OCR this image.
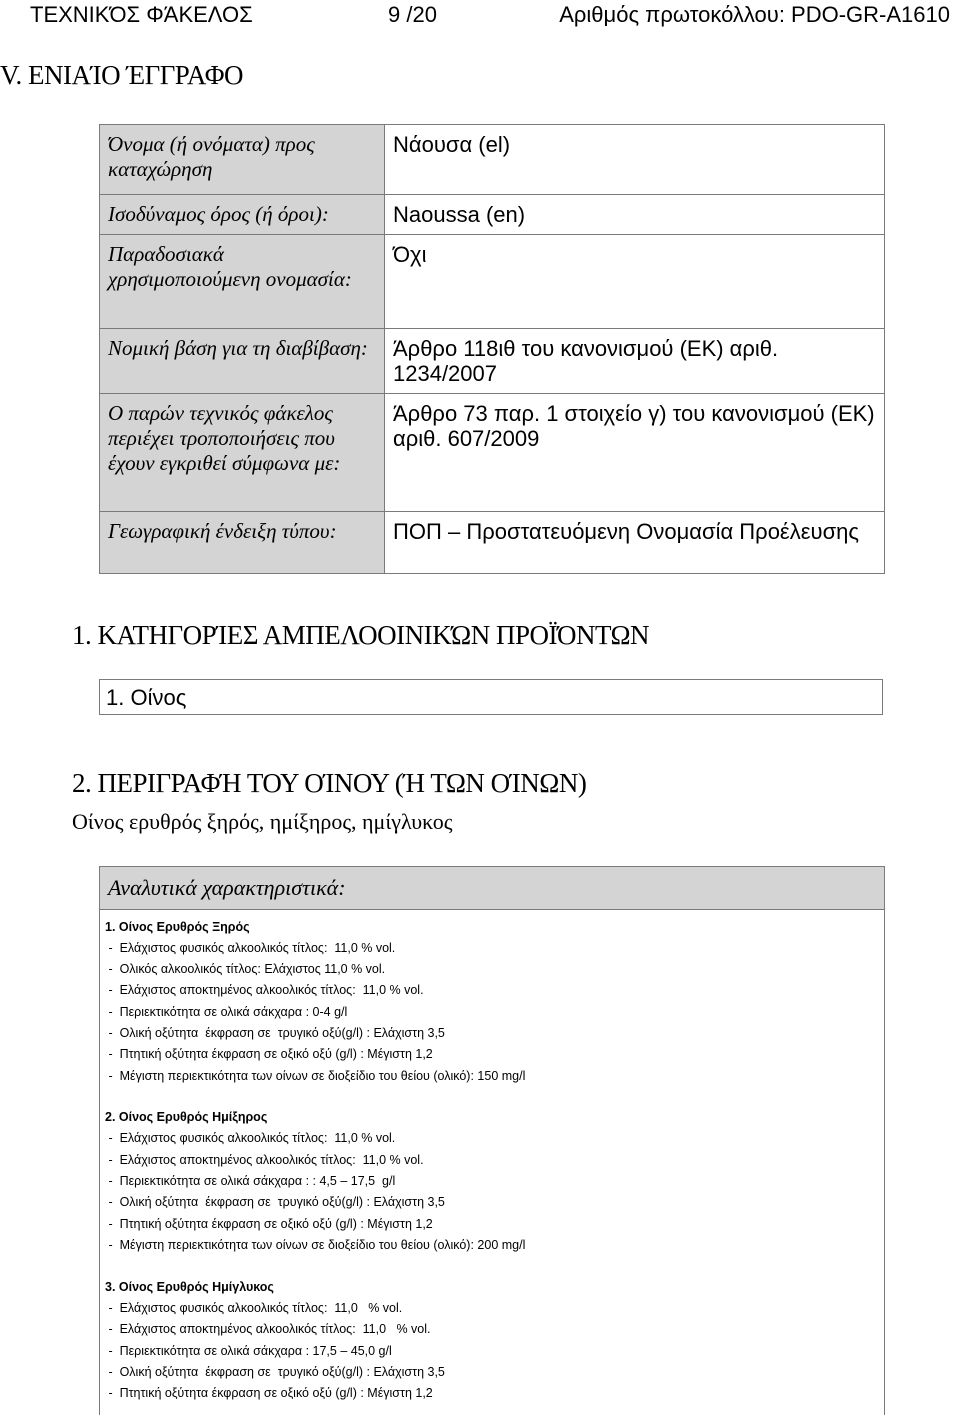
ΤΕΧΝΙΚΌΣ ΦΆΚΕΛΟΣ	9 /20	Αριθμός πρωτοκόλλου: PDO-GR-A1610
V. ΕΝΙΑΊΟ ΈΓΓΡΑΦΟ
Όνομα (ή ονόματα) προς καταχώρηση	Νάουσα (el)
Ισοδύναμος όρος (ή όροι):	Naoussa (en)
Παραδοσιακά χρησιμοποιούμενη ονομασία:	Όχι
Νομική βάση για τη διαβίβαση:	Άρθρο 118ιθ του κανονισμού (ΕΚ) αριθ. 1234/2007
Ο παρών τεχνικός φάκελος περιέχει τροποποιήσεις που έχουν εγκριθεί σύμφωνα με:	Άρθρο 73 παρ. 1 στοιχείο γ) του κανονισμού (ΕΚ) αριθ. 607/2009
Γεωγραφική ένδειξη τύπου:	ΠΟΠ – Προστατευόμενη Ονομασία Προέλευσης
1. ΚΑΤΗΓΟΡΊΕΣ ΑΜΠΕΛΟΟΙΝΙΚΏΝ ΠΡΟΪΌΝΤΩΝ
1. Οίνος
2. ΠΕΡΙΓΡΑΦΉ ΤΟΥ ΟΊΝΟΥ (Ή ΤΩΝ ΟΊΝΩΝ)
Οίνος ερυθρός ξηρός, ημίξηρος, ημίγλυκος
Αναλυτικά χαρακτηριστικά:
1. Οίνος Ερυθρός Ξηρός
-  Ελάχιστος φυσικός αλκοολικός τίτλος:  11,0 % vol.
-  Ολικός αλκοολικός τίτλος: Ελάχιστος 11,0 % vol.
-  Ελάχιστος αποκτημένος αλκοολικός τίτλος:  11,0 % vol.
-  Περιεκτικότητα σε ολικά σάκχαρα : 0-4 g/l
-  Ολική οξύτητα  έκφραση σε  τρυγικό οξύ(g/l) : Ελάχιστη 3,5
-  Πτητική οξύτητα έκφραση σε οξικό οξύ (g/l) : Μέγιστη 1,2
-  Μέγιστη περιεκτικότητα των οίνων σε διοξείδιο του θείου (ολικό): 150 mg/l
2. Οίνος Ερυθρός Ημίξηρος
-  Ελάχιστος φυσικός αλκοολικός τίτλος:  11,0 % vol.
-  Ελάχιστος αποκτημένος αλκοολικός τίτλος:  11,0 % vol.
-  Περιεκτικότητα σε ολικά σάκχαρα : : 4,5 – 17,5  g/l
-  Ολική οξύτητα  έκφραση σε  τρυγικό οξύ(g/l) : Ελάχιστη 3,5
-  Πτητική οξύτητα έκφραση σε οξικό οξύ (g/l) : Μέγιστη 1,2
-  Μέγιστη περιεκτικότητα των οίνων σε διοξείδιο του θείου (ολικό): 200 mg/l
3. Οίνος Ερυθρός Ημίγλυκος
-  Ελάχιστος φυσικός αλκοολικός τίτλος:  11,0   % vol.
-  Ελάχιστος αποκτημένος αλκοολικός τίτλος:  11,0   % vol.
-  Περιεκτικότητα σε ολικά σάκχαρα : 17,5 – 45,0 g/l
-  Ολική οξύτητα  έκφραση σε  τρυγικό οξύ(g/l) : Ελάχιστη 3,5
-  Πτητική οξύτητα έκφραση σε οξικό οξύ (g/l) : Μέγιστη 1,2
